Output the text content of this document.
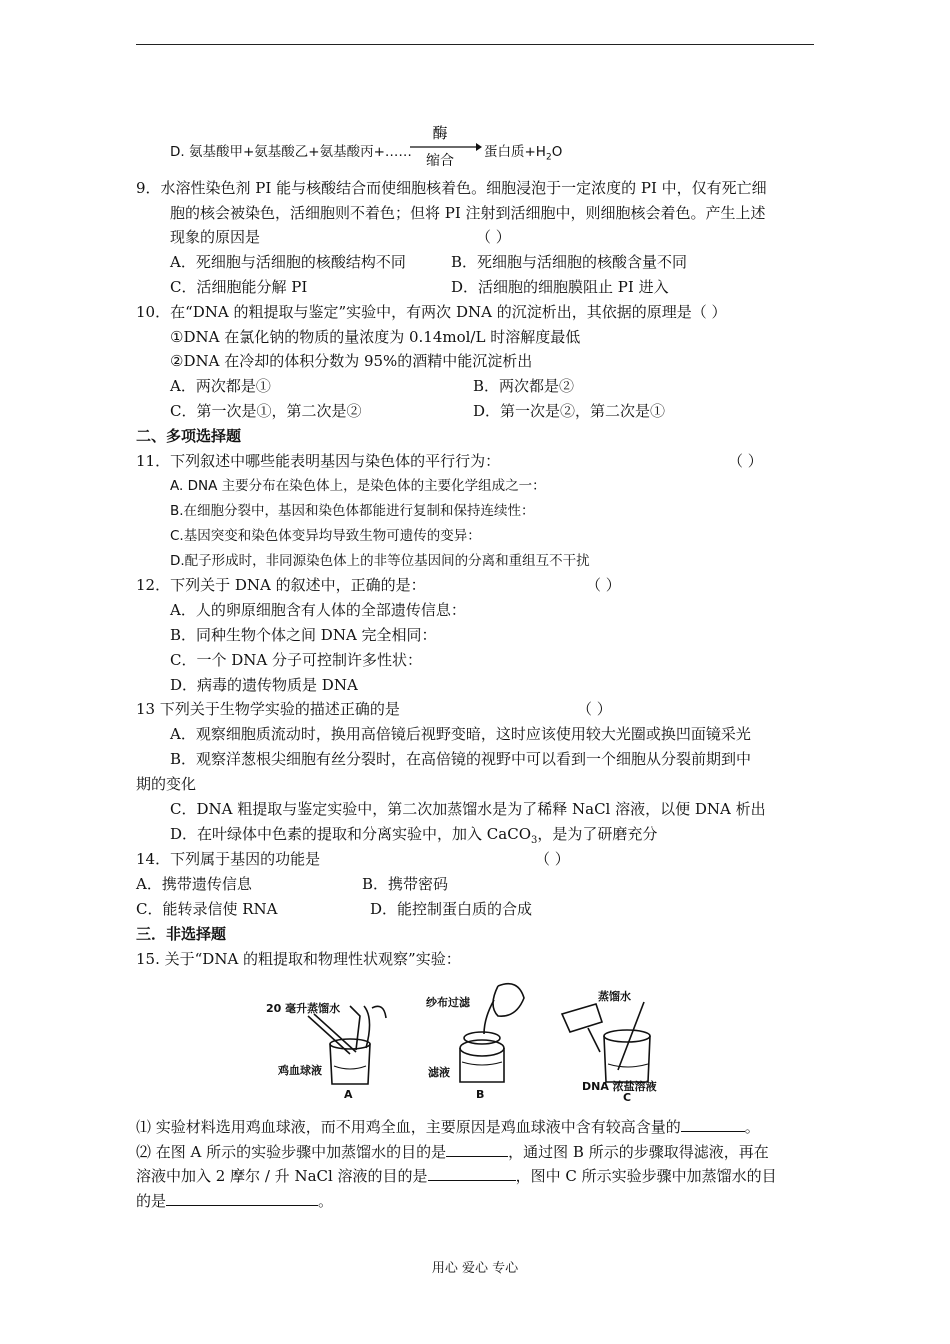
D. 氨基酸甲+氨基酸乙+氨基酸丙+……
酶
缩合
蛋白质$+H_2O$
9．水溶性染色剂 PI 能与核酸结合而使细胞核着色。细胞浸泡于一定浓度的 PI 中，仅有死亡细
胞的核会被染色，活细胞则不着色；但将 PI 注射到活细胞中，则细胞核会着色。产生上述
现象的原因是	（ ）
A．死细胞与活细胞的核酸结构不同	B．死细胞与活细胞的核酸含量不同
C．活细胞能分解 PI	D．活细胞的细胞膜阻止 PI 进入
10．在“DNA 的粗提取与鉴定”实验中，有两次 DNA 的沉淀析出，其依据的原理是（ ）
①DNA 在氯化钠的物质的量浓度为 0.14mol/L 时溶解度最低
②DNA 在冷却的体积分数为 95%的酒精中能沉淀析出
A．两次都是①	B．两次都是②
C．第一次是①，第二次是②	D．第一次是②，第二次是①
二、多项选择题
11．下列叙述中哪些能表明基因与染色体的平行行为：	（ ）
A. DNA 主要分布在染色体上，是染色体的主要化学组成之一：
B.在细胞分裂中，基因和染色体都能进行复制和保持连续性：
C.基因突变和染色体变异均导致生物可遗传的变异：
D.配子形成时，非同源染色体上的非等位基因间的分离和重组互不干扰
12．下列关于 DNA 的叙述中，正确的是：	（ ）
A．人的卵原细胞含有人体的全部遗传信息：
B．同种生物个体之间 DNA 完全相同：
C．一个 DNA 分子可控制许多性状：
D．病毒的遗传物质是 DNA
13 下列关于生物学实验的描述正确的是	（ ）
A．观察细胞质流动时，换用高倍镜后视野变暗，这时应该使用较大光圈或换凹面镜采光
B．观察洋葱根尖细胞有丝分裂时，在高倍镜的视野中可以看到一个细胞从分裂前期到中
期的变化
C．DNA 粗提取与鉴定实验中，第二次加蒸馏水是为了稀释 NaCl 溶液，以便 DNA 析出
D．在叶绿体中色素的提取和分离实验中，加入 CaCO$_3$，是为了研磨充分
14．下列属于基因的功能是	（ ）
A．携带遗传信息	B．携带密码
C．能转录信使 RNA	D．能控制蛋白质的合成
三．非选择题
15. 关于“DNA 的粗提取和物理性状观察”实验：
20 毫升蒸馏水
鸡血球液
A
纱布过滤
滤液
B
蒸馏水
DNA 浓盐溶液
C
⑴ 实验材料选用鸡血球液，而不用鸡全血，主要原因是鸡血球液中含有较高含量的	。
⑵ 在图 A 所示的实验步骤中加蒸馏水的目的是	，通过图 B 所示的步骤取得滤液，再在
溶液中加入 2 摩尔 / 升 NaCl 溶液的目的是	，图中 C 所示实验步骤中加蒸馏水的目
的是	。
用心 爱心 专心
